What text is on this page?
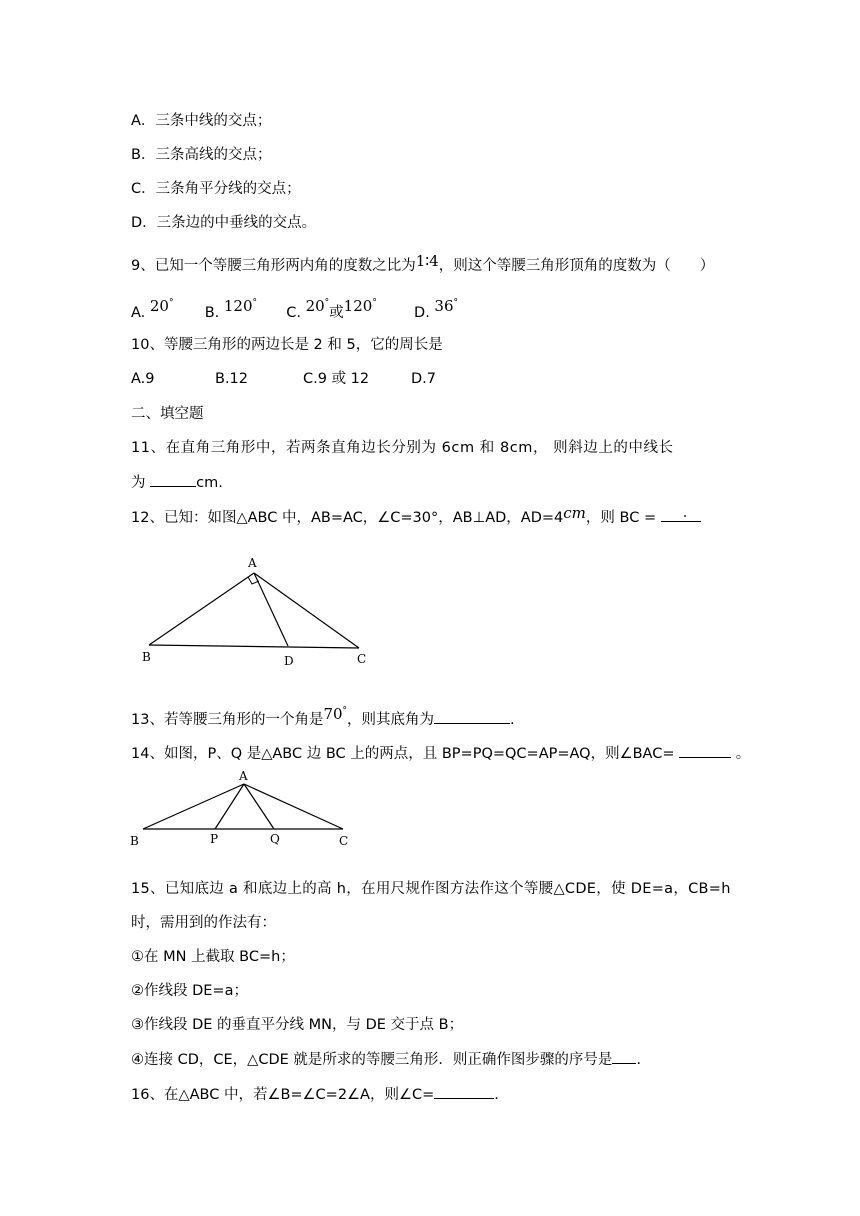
A．三条中线的交点；
B．三条高线的交点；
C．三条角平分线的交点；
D．三条边的中垂线的交点。
9、已知一个等腰三角形两内角的度数之比为1∶4，则这个等腰三角形顶角的度数为（　　）
A. 20°  B. 120°  C. 20°或120°  D. 36°
10、等腰三角形的两边长是 2 和 5，它的周长是
A.9	B.12	C.9 或 12	D.7
二、填空题
11、在直角三角形中，若两条直角边长分别为 6cm 和 8cm， 则斜边上的中线长
为	cm.
12、已知：如图△ABC 中，AB=AC，∠C=30°，AB⊥AD，AD=4cm，则 BC = ．
A
B	D	C
13、若等腰三角形的一个角是70°，则其底角为	.
14、如图，P、Q 是△ABC 边 BC 上的两点，且 BP=PQ=QC=AP=AQ，则∠BAC=	。
A
B	P	Q	C
15、已知底边 a 和底边上的高 h，在用尺规作图方法作这个等腰△CDE，使 DE=a，CB=h
时，需用到的作法有：
①在 MN 上截取 BC=h；
②作线段 DE=a；
③作线段 DE 的垂直平分线 MN，与 DE 交于点 B；
④连接 CD，CE，△CDE 就是所求的等腰三角形．则正确作图步骤的序号是 .
16、在△ABC 中，若∠B=∠C=2∠A，则∠C=	.
